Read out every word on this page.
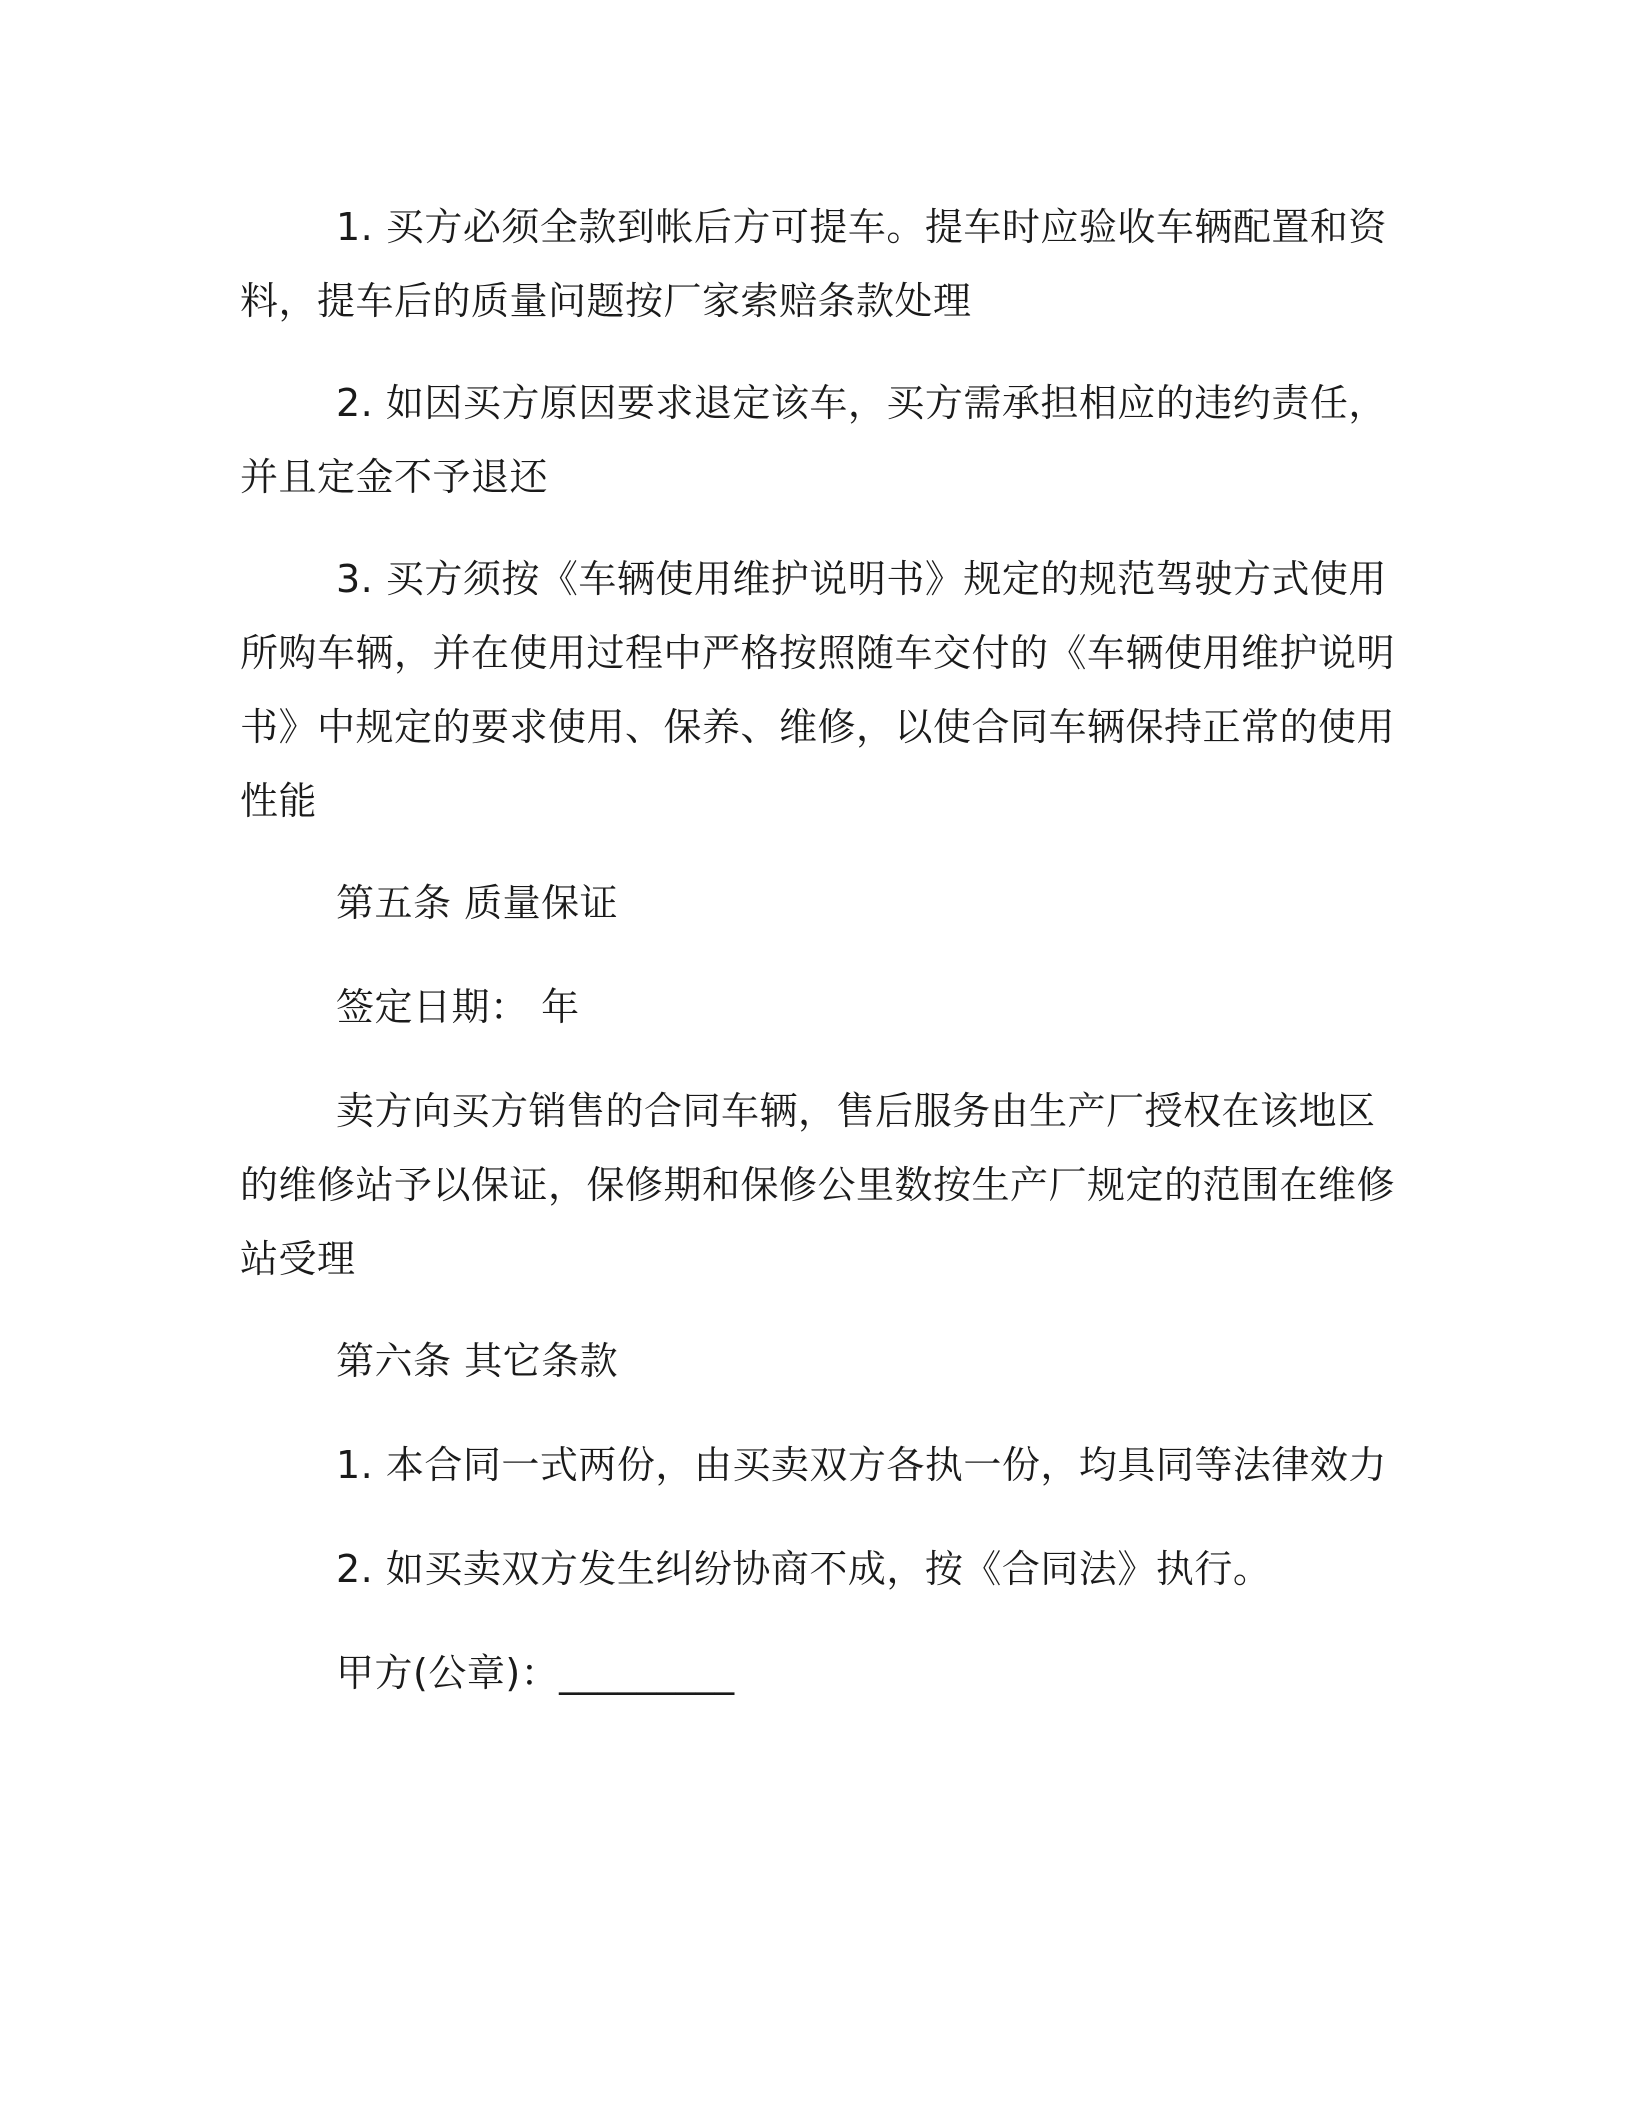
1. 买方必须全款到帐后方可提车。提车时应验收车辆配置和资料，提车后的质量问题按厂家索赔条款处理

2. 如因买方原因要求退定该车，买方需承担相应的违约责任，并且定金不予退还

3. 买方须按《车辆使用维护说明书》规定的规范驾驶方式使用所购车辆，并在使用过程中严格按照随车交付的《车辆使用维护说明书》中规定的要求使用、保养、维修，以使合同车辆保持正常的使用性能

第五条 质量保证

签定日期： 年

卖方向买方销售的合同车辆，售后服务由生产厂授权在该地区的维修站予以保证，保修期和保修公里数按生产厂规定的范围在维修站受理

第六条 其它条款

1. 本合同一式两份，由买卖双方各执一份，均具同等法律效力

2. 如买卖双方发生纠纷协商不成，按《合同法》执行。

甲方(公章)：_________
